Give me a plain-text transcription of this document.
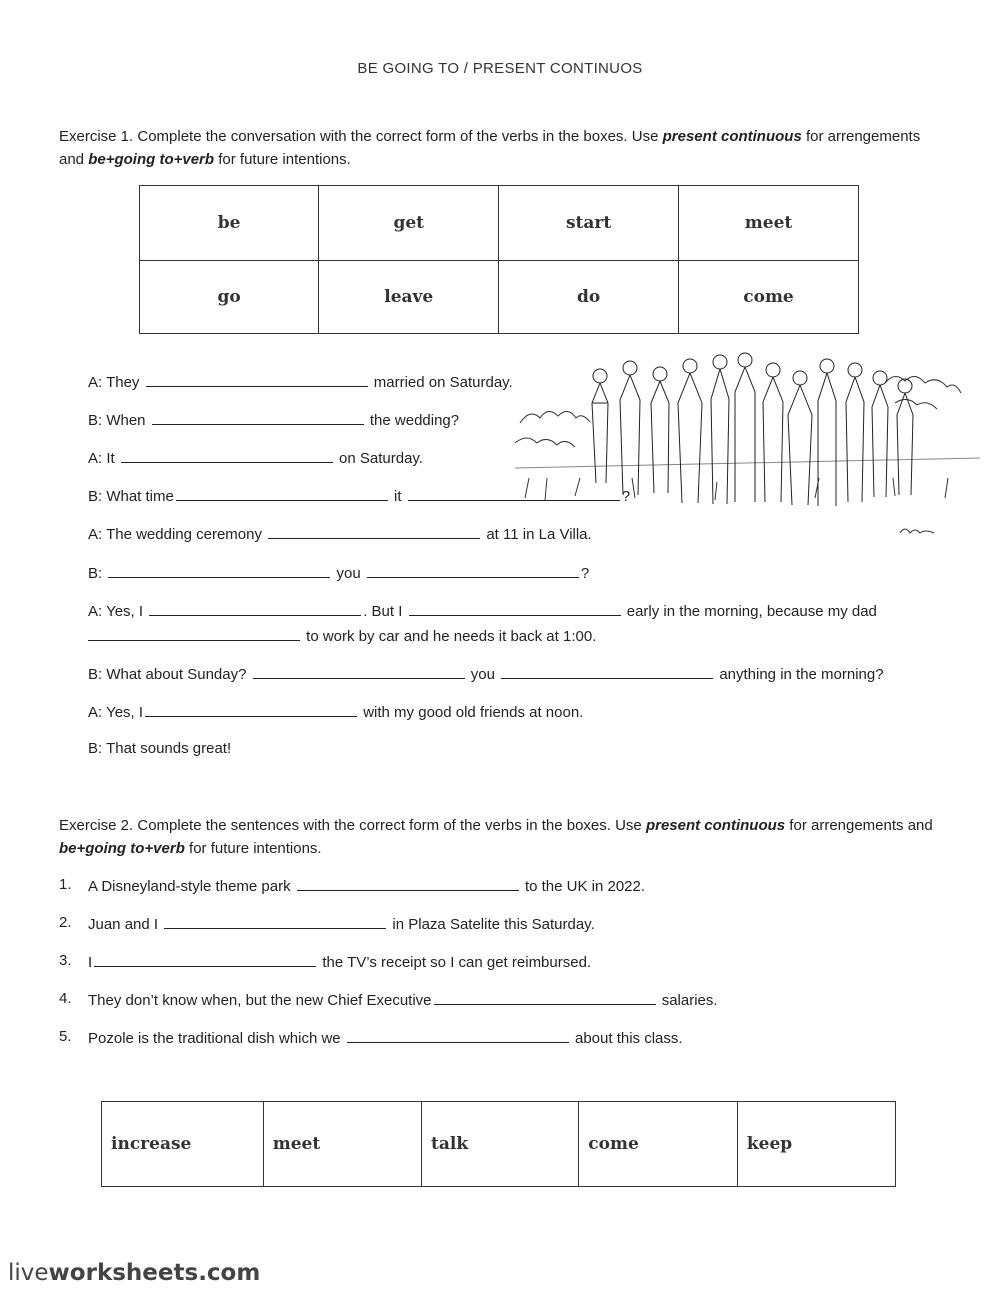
BE GOING TO / PRESENT CONTINUOS
Exercise 1. Complete the conversation with the correct form of the verbs in the boxes. Use present continuous for arrengements and be+going to+verb for future intentions.
be	get	start	meet
go	leave	do	come
A: They	married on Saturday.
B: When	the wedding?
A: It	on Saturday.
B: What time	it	?
A: The wedding ceremony	at 11 in La Villa.
B:	you	?
A: Yes, I	. But I	early in the morning, because my dad
to work by car and he needs it back at 1:00.
B: What about Sunday?	you	anything in the morning?
A: Yes, I	with my good old friends at noon.
B: That sounds great!
Exercise 2. Complete the sentences with the correct form of the verbs in the boxes. Use present continuous for arrengements and be+going to+verb for future intentions.
1. A Disneyland-style theme park	to the UK in 2022.
2. Juan and I	in Plaza Satelite this Saturday.
3. I	the TV’s receipt so I can get reimbursed.
4. They don’t know when, but the new Chief Executive	salaries.
5. Pozole is the traditional dish which we	about this class.
increase	meet	talk	come	keep
liveworksheets.com
